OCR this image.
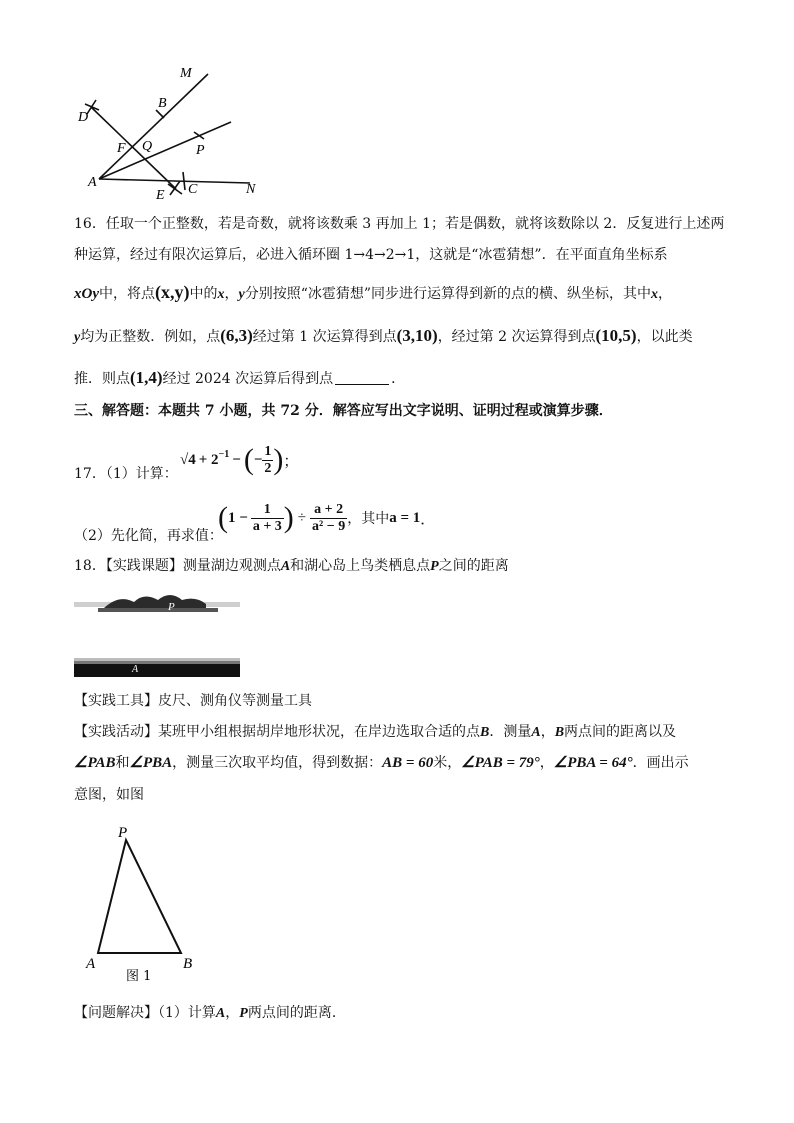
M
B
D
F Q	P
A
E C	N
16．任取一个正整数，若是奇数，就将该数乘 3 再加上 1；若是偶数，就将该数除以 2．反复进行上述两
种运算，经过有限次运算后，必进入循环圈 1→4→2→1，这就是“冰雹猜想”．在平面直角坐标系
xOy中，将点(x,y)中的x，y分别按照“冰雹猜想”同步进行运算得到新的点的横、纵坐标，其中x，
y均为正整数．例如，点(6,3)经过第 1 次运算得到点(3,10)，经过第 2 次运算得到点(10,5)，以此类
推．则点(1,4)经过 2024 次运算后得到点	．
三、解答题：本题共 7 小题，共 72 分．解答应写出文字说明、证明过程或演算步骤．
17．（1）计算：
$√4 + 2^{-1}$ − ( − $\frac{1}{2}$ ) ；
（2）先化简，再求值：
( $1 - \frac{1}{a + 3}$ ) ÷ $\frac{a + 2}{\text{a² − 9}}$ ，其中 a = 1 ．
18．【实践课题】测量湖边观测点A和湖心岛上鸟类栖息点P之间的距离
P
A
【实践工具】皮尺、测角仪等测量工具
【实践活动】某班甲小组根据胡岸地形状况，在岸边选取合适的点B．测量A，B两点间的距离以及
∠PAB和∠PBA，测量三次取平均值，得到数据：AB = 60米，∠PAB = 79°，∠PBA = 64°．画出示
意图，如图
P
A	B
图 1
【问题解决】（1）计算A，P两点间的距离．
